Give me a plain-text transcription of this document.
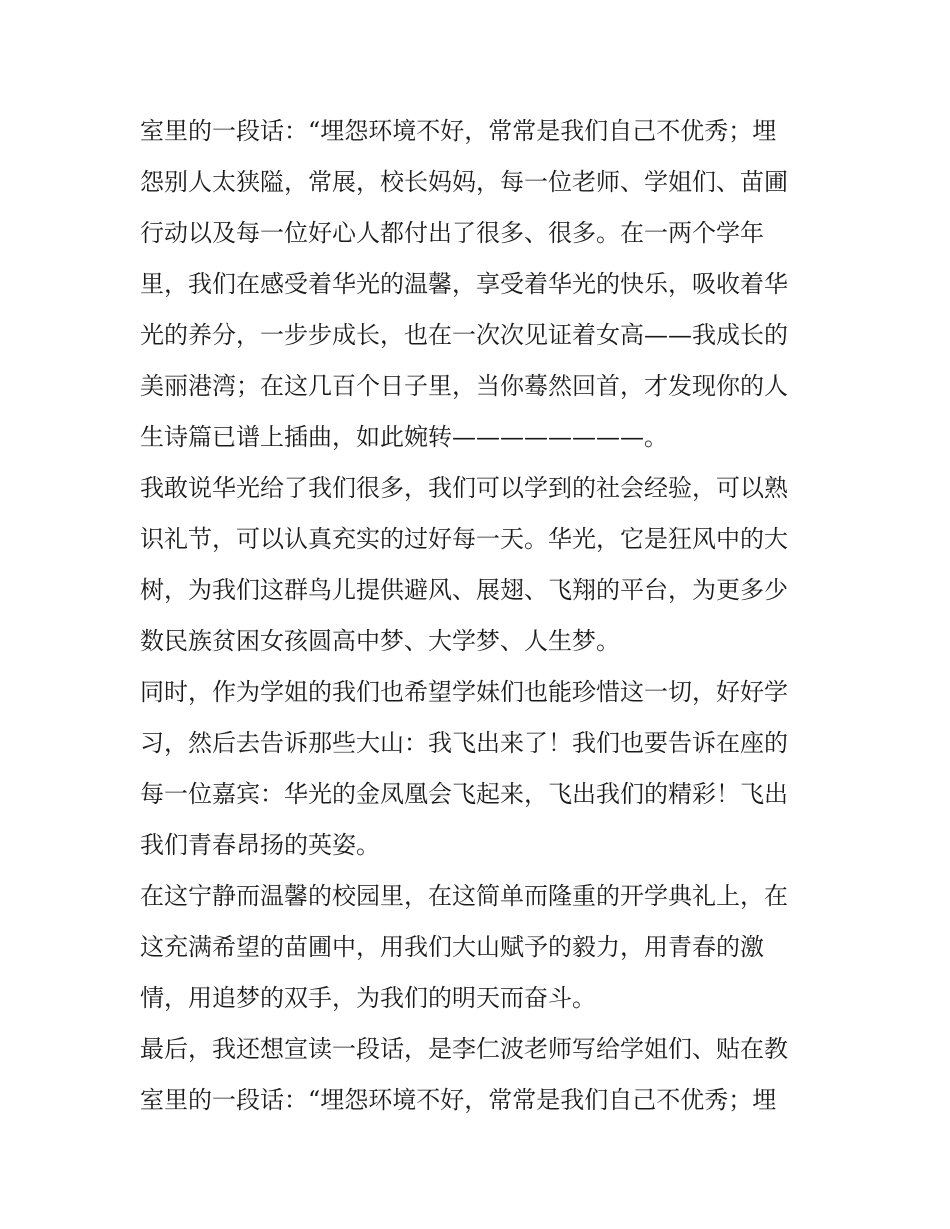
室里的一段话：“埋怨环境不好，常常是我们自己不优秀；埋
怨别人太狭隘，常展，校长妈妈，每一位老师、学姐们、苗圃
行动以及每一位好心人都付出了很多、很多。在一两个学年
里，我们在感受着华光的温馨，享受着华光的快乐，吸收着华
光的养分，一步步成长，也在一次次见证着女高——我成长的
美丽港湾；在这几百个日子里，当你蓦然回首，才发现你的人
生诗篇已谱上插曲，如此婉转————————。
我敢说华光给了我们很多，我们可以学到的社会经验，可以熟
识礼节，可以认真充实的过好每一天。华光，它是狂风中的大
树，为我们这群鸟儿提供避风、展翅、飞翔的平台，为更多少
数民族贫困女孩圆高中梦、大学梦、人生梦。
同时，作为学姐的我们也希望学妹们也能珍惜这一切，好好学
习，然后去告诉那些大山：我飞出来了！我们也要告诉在座的
每一位嘉宾：华光的金凤凰会飞起来，飞出我们的精彩！飞出
我们青春昂扬的英姿。
在这宁静而温馨的校园里，在这简单而隆重的开学典礼上，在
这充满希望的苗圃中，用我们大山赋予的毅力，用青春的激
情，用追梦的双手，为我们的明天而奋斗。
最后，我还想宣读一段话，是李仁波老师写给学姐们、贴在教
室里的一段话：“埋怨环境不好，常常是我们自己不优秀；埋
